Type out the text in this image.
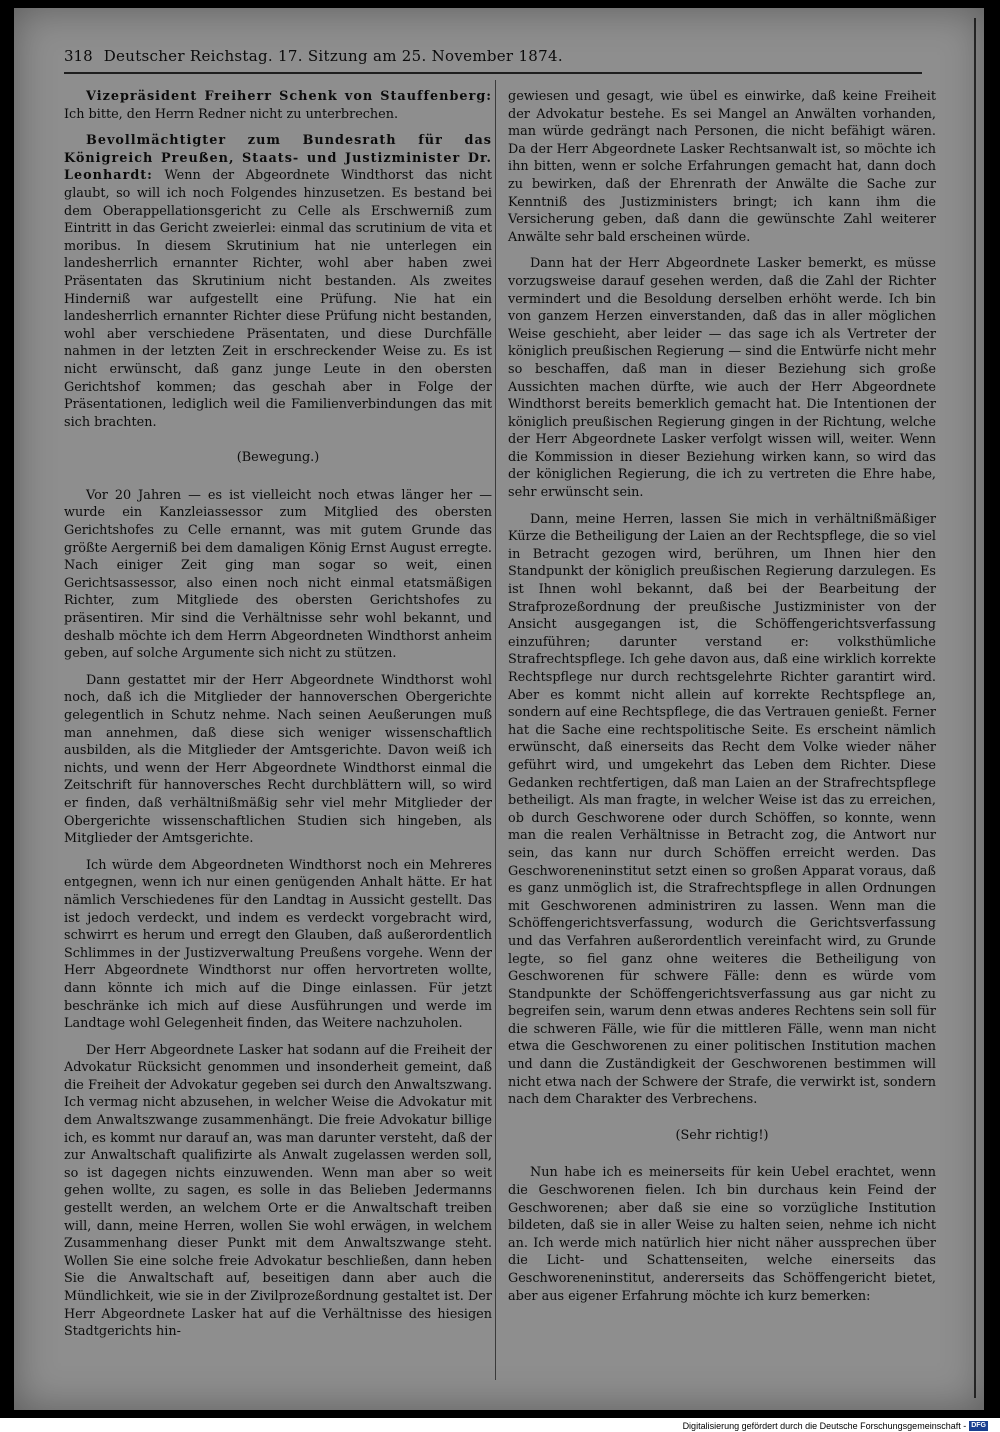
318 Deutscher Reichstag. 17. Sitzung am 25. November 1874.

Vizepräsident Freiherr Schenk von Stauffenberg: Ich bitte, den Herrn Redner nicht zu unterbrechen.

Bevollmächtigter zum Bundesrath für das Königreich Preußen, Staats- und Justizminister Dr. Leonhardt: Wenn der Abgeordnete Windthorst das nicht glaubt, so will ich noch Folgendes hinzusetzen. Es bestand bei dem Oberappellationsgericht zu Celle als Erschwerniß zum Eintritt in das Gericht zweierlei: einmal das scrutinium de vita et moribus. In diesem Skrutinium hat nie unterlegen ein landesherrlich ernannter Richter, wohl aber haben zwei Präsentaten das Skrutinium nicht bestanden. Als zweites Hinderniß war aufgestellt eine Prüfung. Nie hat ein landesherrlich ernannter Richter diese Prüfung nicht bestanden, wohl aber verschiedene Präsentaten, und diese Durchfälle nahmen in der letzten Zeit in erschreckender Weise zu. Es ist nicht erwünscht, daß ganz junge Leute in den obersten Gerichtshof kommen; das geschah aber in Folge der Präsentationen, lediglich weil die Familienverbindungen das mit sich brachten.

(Bewegung.)

Vor 20 Jahren — es ist vielleicht noch etwas länger her — wurde ein Kanzleiassessor zum Mitglied des obersten Gerichtshofes zu Celle ernannt, was mit gutem Grunde das größte Aergerniß bei dem damaligen König Ernst August erregte. Nach einiger Zeit ging man sogar so weit, einen Gerichtsassessor, also einen noch nicht einmal etatsmäßigen Richter, zum Mitgliede des obersten Gerichtshofes zu präsentiren. Mir sind die Verhältnisse sehr wohl bekannt, und deshalb möchte ich dem Herrn Abgeordneten Windthorst anheim geben, auf solche Argumente sich nicht zu stützen.

Dann gestattet mir der Herr Abgeordnete Windthorst wohl noch, daß ich die Mitglieder der hannoverschen Obergerichte gelegentlich in Schutz nehme. Nach seinen Aeußerungen muß man annehmen, daß diese sich weniger wissenschaftlich ausbilden, als die Mitglieder der Amtsgerichte. Davon weiß ich nichts, und wenn der Herr Abgeordnete Windthorst einmal die Zeitschrift für hannoversches Recht durchblättern will, so wird er finden, daß verhältnißmäßig sehr viel mehr Mitglieder der Obergerichte wissenschaftlichen Studien sich hingeben, als Mitglieder der Amtsgerichte.

Ich würde dem Abgeordneten Windthorst noch ein Mehreres entgegnen, wenn ich nur einen genügenden Anhalt hätte. Er hat nämlich Verschiedenes für den Landtag in Aussicht gestellt. Das ist jedoch verdeckt, und indem es verdeckt vorgebracht wird, schwirrt es herum und erregt den Glauben, daß außerordentlich Schlimmes in der Justizverwaltung Preußens vorgehe. Wenn der Herr Abgeordnete Windthorst nur offen hervortreten wollte, dann könnte ich mich auf die Dinge einlassen. Für jetzt beschränke ich mich auf diese Ausführungen und werde im Landtage wohl Gelegenheit finden, das Weitere nachzuholen.

Der Herr Abgeordnete Lasker hat sodann auf die Freiheit der Advokatur Rücksicht genommen und insonderheit gemeint, daß die Freiheit der Advokatur gegeben sei durch den Anwaltszwang. Ich vermag nicht abzusehen, in welcher Weise die Advokatur mit dem Anwaltszwange zusammenhängt. Die freie Advokatur billige ich, es kommt nur darauf an, was man darunter versteht, daß der zur Anwaltschaft qualifizirte als Anwalt zugelassen werden soll, so ist dagegen nichts einzuwenden. Wenn man aber so weit gehen wollte, zu sagen, es solle in das Belieben Jedermanns gestellt werden, an welchem Orte er die Anwaltschaft treiben will, dann, meine Herren, wollen Sie wohl erwägen, in welchem Zusammenhang dieser Punkt mit dem Anwaltszwange steht. Wollen Sie eine solche freie Advokatur beschließen, dann heben Sie die Anwaltschaft auf, beseitigen dann aber auch die Mündlichkeit, wie sie in der Zivilprozeßordnung gestaltet ist. Der Herr Abgeordnete Lasker hat auf die Verhältnisse des hiesigen Stadtgerichts hin-

gewiesen und gesagt, wie übel es einwirke, daß keine Freiheit der Advokatur bestehe. Es sei Mangel an Anwälten vorhanden, man würde gedrängt nach Personen, die nicht befähigt wären. Da der Herr Abgeordnete Lasker Rechtsanwalt ist, so möchte ich ihn bitten, wenn er solche Erfahrungen gemacht hat, dann doch zu bewirken, daß der Ehrenrath der Anwälte die Sache zur Kenntniß des Justizministers bringt; ich kann ihm die Versicherung geben, daß dann die gewünschte Zahl weiterer Anwälte sehr bald erscheinen würde.

Dann hat der Herr Abgeordnete Lasker bemerkt, es müsse vorzugsweise darauf gesehen werden, daß die Zahl der Richter vermindert und die Besoldung derselben erhöht werde. Ich bin von ganzem Herzen einverstanden, daß das in aller möglichen Weise geschieht, aber leider — das sage ich als Vertreter der königlich preußischen Regierung — sind die Entwürfe nicht mehr so beschaffen, daß man in dieser Beziehung sich große Aussichten machen dürfte, wie auch der Herr Abgeordnete Windthorst bereits bemerklich gemacht hat. Die Intentionen der königlich preußischen Regierung gingen in der Richtung, welche der Herr Abgeordnete Lasker verfolgt wissen will, weiter. Wenn die Kommission in dieser Beziehung wirken kann, so wird das der königlichen Regierung, die ich zu vertreten die Ehre habe, sehr erwünscht sein.

Dann, meine Herren, lassen Sie mich in verhältnißmäßiger Kürze die Betheiligung der Laien an der Rechtspflege, die so viel in Betracht gezogen wird, berühren, um Ihnen hier den Standpunkt der königlich preußischen Regierung darzulegen. Es ist Ihnen wohl bekannt, daß bei der Bearbeitung der Strafprozeßordnung der preußische Justizminister von der Ansicht ausgegangen ist, die Schöffengerichtsverfassung einzuführen; darunter verstand er: volksthümliche Strafrechtspflege. Ich gehe davon aus, daß eine wirklich korrekte Rechtspflege nur durch rechtsgelehrte Richter garantirt wird. Aber es kommt nicht allein auf korrekte Rechtspflege an, sondern auf eine Rechtspflege, die das Vertrauen genießt. Ferner hat die Sache eine rechtspolitische Seite. Es erscheint nämlich erwünscht, daß einerseits das Recht dem Volke wieder näher geführt wird, und umgekehrt das Leben dem Richter. Diese Gedanken rechtfertigen, daß man Laien an der Strafrechtspflege betheiligt. Als man fragte, in welcher Weise ist das zu erreichen, ob durch Geschworene oder durch Schöffen, so konnte, wenn man die realen Verhältnisse in Betracht zog, die Antwort nur sein, das kann nur durch Schöffen erreicht werden. Das Geschworeneninstitut setzt einen so großen Apparat voraus, daß es ganz unmöglich ist, die Strafrechtspflege in allen Ordnungen mit Geschworenen administriren zu lassen. Wenn man die Schöffengerichtsverfassung, wodurch die Gerichtsverfassung und das Verfahren außerordentlich vereinfacht wird, zu Grunde legte, so fiel ganz ohne weiteres die Betheiligung von Geschworenen für schwere Fälle: denn es würde vom Standpunkte der Schöffengerichtsverfassung aus gar nicht zu begreifen sein, warum denn etwas anderes Rechtens sein soll für die schweren Fälle, wie für die mittleren Fälle, wenn man nicht etwa die Geschworenen zu einer politischen Institution machen und dann die Zuständigkeit der Geschworenen bestimmen will nicht etwa nach der Schwere der Strafe, die verwirkt ist, sondern nach dem Charakter des Verbrechens.

(Sehr richtig!)

Nun habe ich es meinerseits für kein Uebel erachtet, wenn die Geschworenen fielen. Ich bin durchaus kein Feind der Geschworenen; aber daß sie eine so vorzügliche Institution bildeten, daß sie in aller Weise zu halten seien, nehme ich nicht an. Ich werde mich natürlich hier nicht näher aussprechen über die Licht- und Schattenseiten, welche einerseits das Geschworeneninstitut, andererseits das Schöffengericht bietet, aber aus eigener Erfahrung möchte ich kurz bemerken:

Digitalisierung gefördert durch die Deutsche Forschungsgemeinschaft - DFG
